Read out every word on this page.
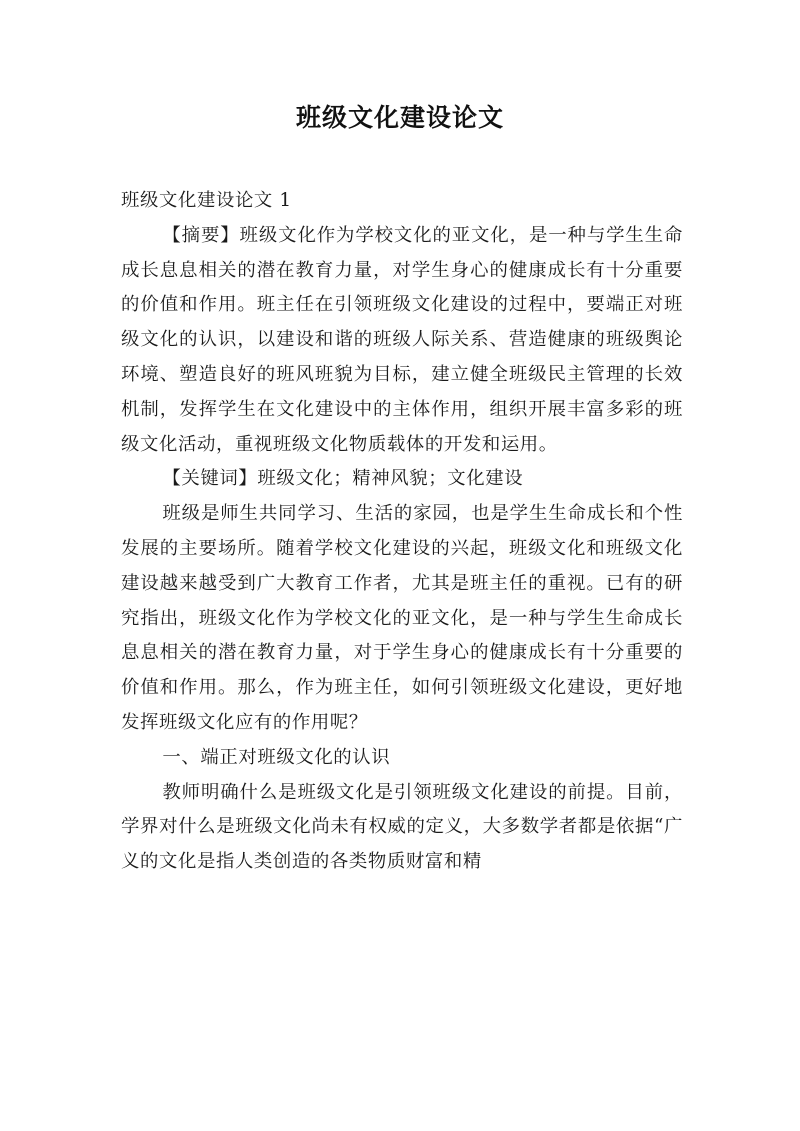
班级文化建设论文

班级文化建设论文 1

【摘要】班级文化作为学校文化的亚文化，是一种与学生生命成长息息相关的潜在教育力量，对学生身心的健康成长有十分重要的价值和作用。班主任在引领班级文化建设的过程中，要端正对班级文化的认识，以建设和谐的班级人际关系、营造健康的班级舆论环境、塑造良好的班风班貌为目标，建立健全班级民主管理的长效机制，发挥学生在文化建设中的主体作用，组织开展丰富多彩的班级文化活动，重视班级文化物质载体的开发和运用。

【关键词】班级文化；精神风貌；文化建设

班级是师生共同学习、生活的家园，也是学生生命成长和个性发展的主要场所。随着学校文化建设的兴起，班级文化和班级文化建设越来越受到广大教育工作者，尤其是班主任的重视。已有的研究指出，班级文化作为学校文化的亚文化，是一种与学生生命成长息息相关的潜在教育力量，对于学生身心的健康成长有十分重要的价值和作用。那么，作为班主任，如何引领班级文化建设，更好地发挥班级文化应有的作用呢？

一、端正对班级文化的认识

教师明确什么是班级文化是引领班级文化建设的前提。目前，学界对什么是班级文化尚未有权威的定义，大多数学者都是依据“广义的文化是指人类创造的各类物质财富和精
